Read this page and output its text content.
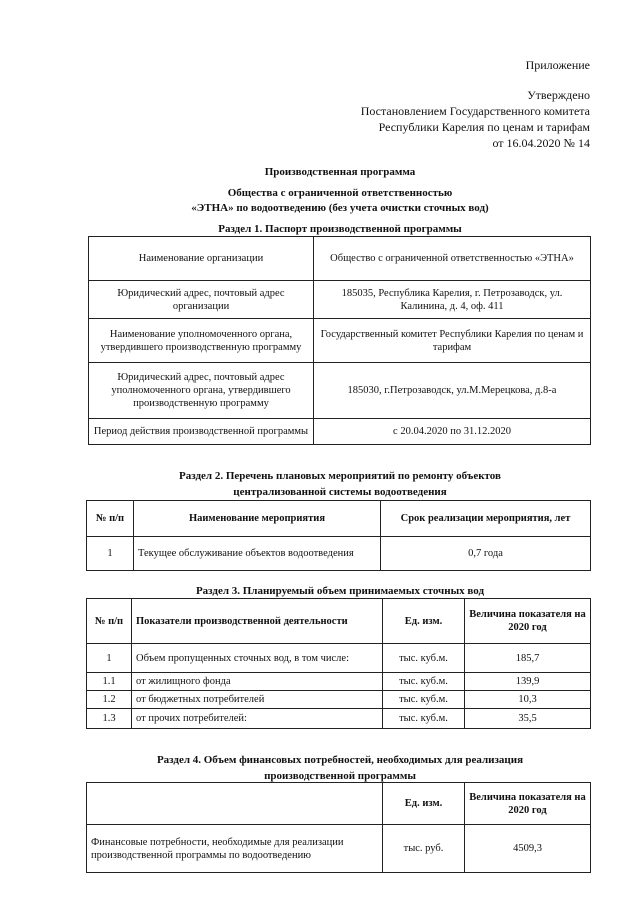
Приложение
Утверждено
Постановлением Государственного комитета
Республики Карелия по ценам и тарифам
от 16.04.2020 № 14
Производственная программа
Общества с ограниченной ответственностью
«ЭТНА» по водоотведению (без учета очистки сточных вод)
Раздел 1. Паспорт производственной программы
Наименование организации	Общество с ограниченной ответственностью «ЭТНА»
Юридический адрес, почтовый адрес организации	185035, Республика Карелия, г. Петрозаводск, ул. Калинина, д. 4, оф. 411
Наименование уполномоченного органа, утвердившего производственную программу	Государственный комитет Республики Карелия по ценам и тарифам
Юридический адрес, почтовый адрес уполномоченного органа, утвердившего производственную программу	185030, г.Петрозаводск, ул.М.Мерецкова, д.8-а
Период действия производственной программы	с 20.04.2020 по 31.12.2020
Раздел 2. Перечень плановых мероприятий по ремонту объектов
централизованной системы водоотведения
№ п/п	Наименование мероприятия	Срок реализации мероприятия, лет
1	Текущее обслуживание объектов водоотведения	0,7 года
Раздел 3. Планируемый объем принимаемых сточных вод
№ п/п	Показатели производственной деятельности	Ед. изм.	Величина показателя на 2020 год
1	Объем пропущенных сточных вод, в том числе:	тыс. куб.м.	185,7
1.1	от жилищного фонда	тыс. куб.м.	139,9
1.2	от бюджетных потребителей	тыс. куб.м.	10,3
1.3	от прочих потребителей:	тыс. куб.м.	35,5
Раздел 4. Объем финансовых потребностей, необходимых для реализация
производственной программы
	Ед. изм.	Величина показателя на 2020 год
Финансовые потребности, необходимые для реализации производственной программы по водоотведению	тыс. руб.	4509,3
